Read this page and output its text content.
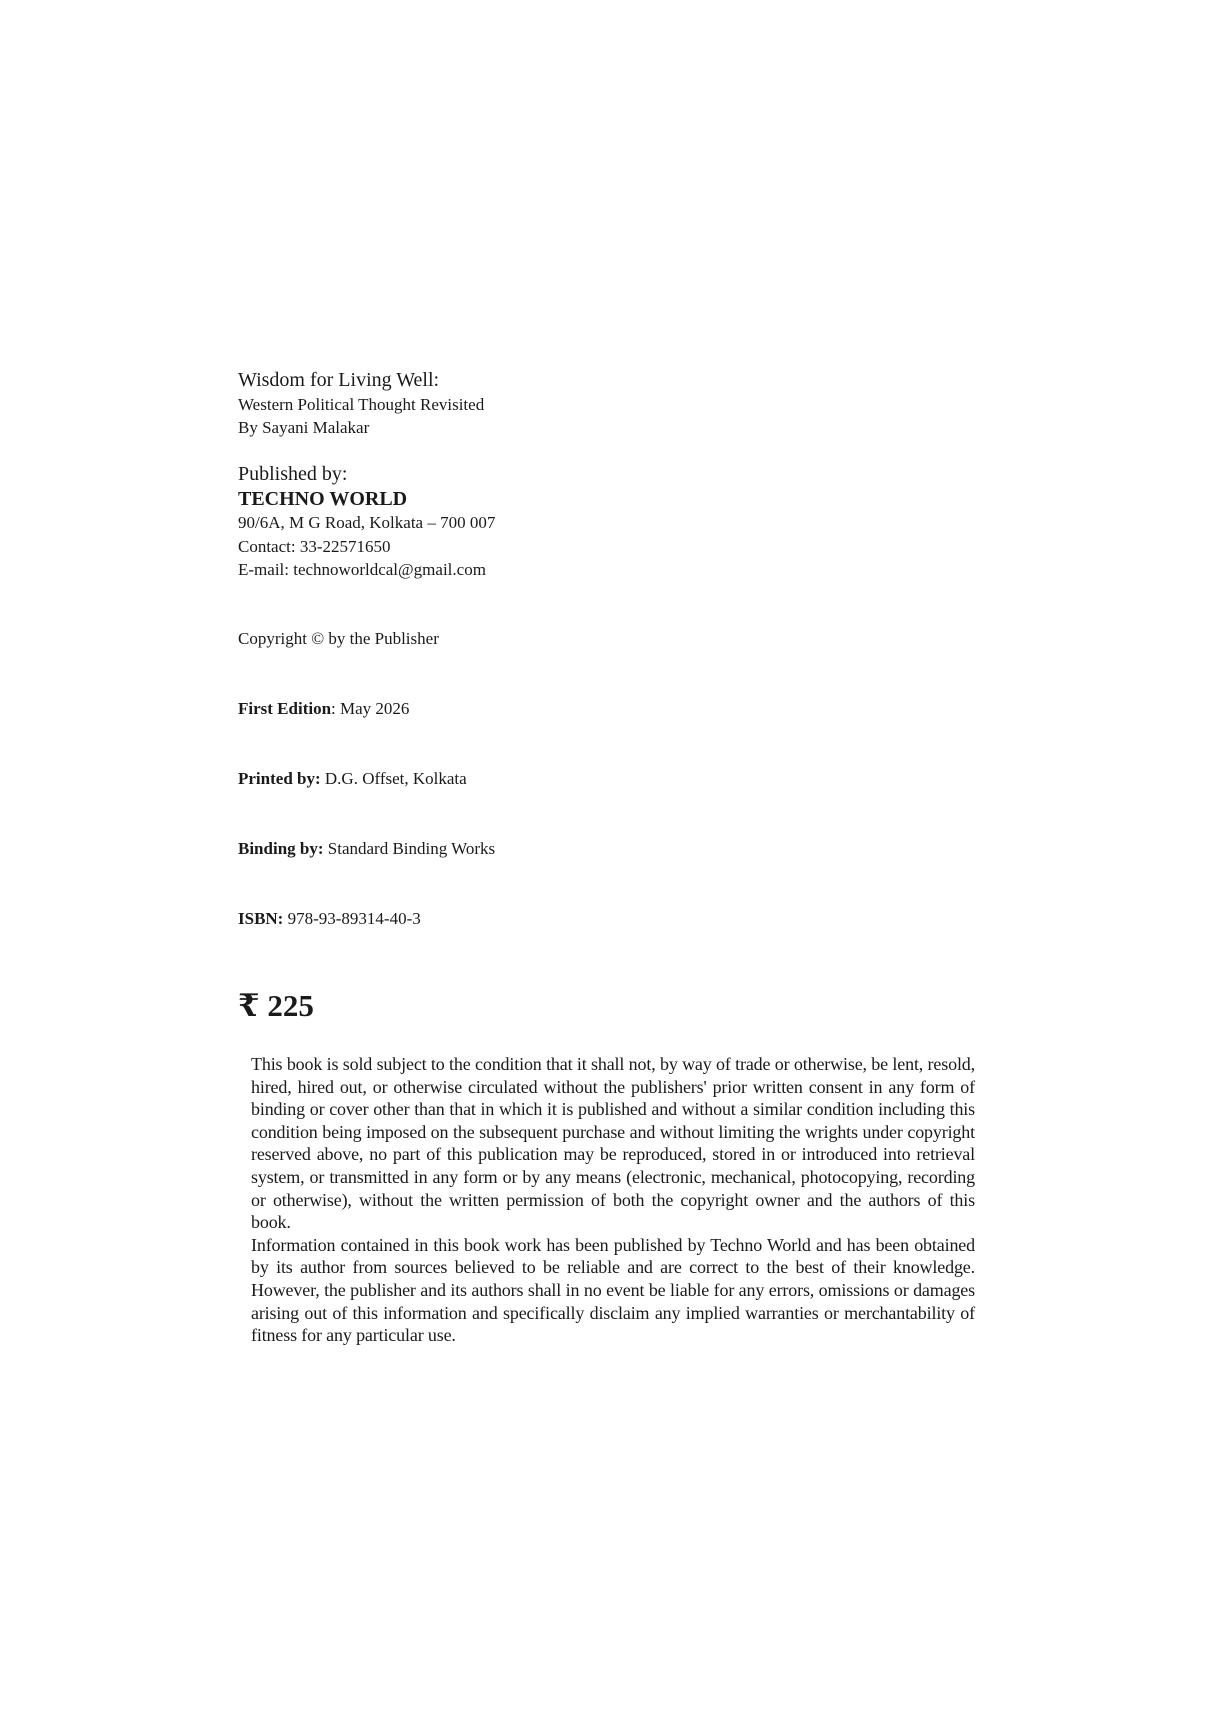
Wisdom for Living Well:

Western Political Thought Revisited

By Sayani Malakar

Published by:

TECHNO WORLD

90/6A, M G Road, Kolkata – 700 007

Contact: 33-22571650

E-mail: technoworldcal@gmail.com

Copyright © by the Publisher

First Edition: May 2026

Printed by: D.G. Offset, Kolkata

Binding by: Standard Binding Works

ISBN: 978-93-89314-40-3

₹ 225

This book is sold subject to the condition that it shall not, by way of trade or otherwise, be lent, resold, hired, hired out, or otherwise circulated without the publishers' prior written consent in any form of binding or cover other than that in which it is published and without a similar condition including this condition being imposed on the subsequent purchase and without limiting the wrights under copyright reserved above, no part of this publication may be reproduced, stored in or introduced into retrieval system, or transmitted in any form or by any means (electronic, mechanical, photocopying, recording or otherwise), without the written permission of both the copyright owner and the authors of this book.

Information contained in this book work has been published by Techno World and has been obtained by its author from sources believed to be reliable and are correct to the best of their knowledge. However, the publisher and its authors shall in no event be liable for any errors, omissions or damages arising out of this information and specifically disclaim any implied warranties or merchantability of fitness for any particular use.
